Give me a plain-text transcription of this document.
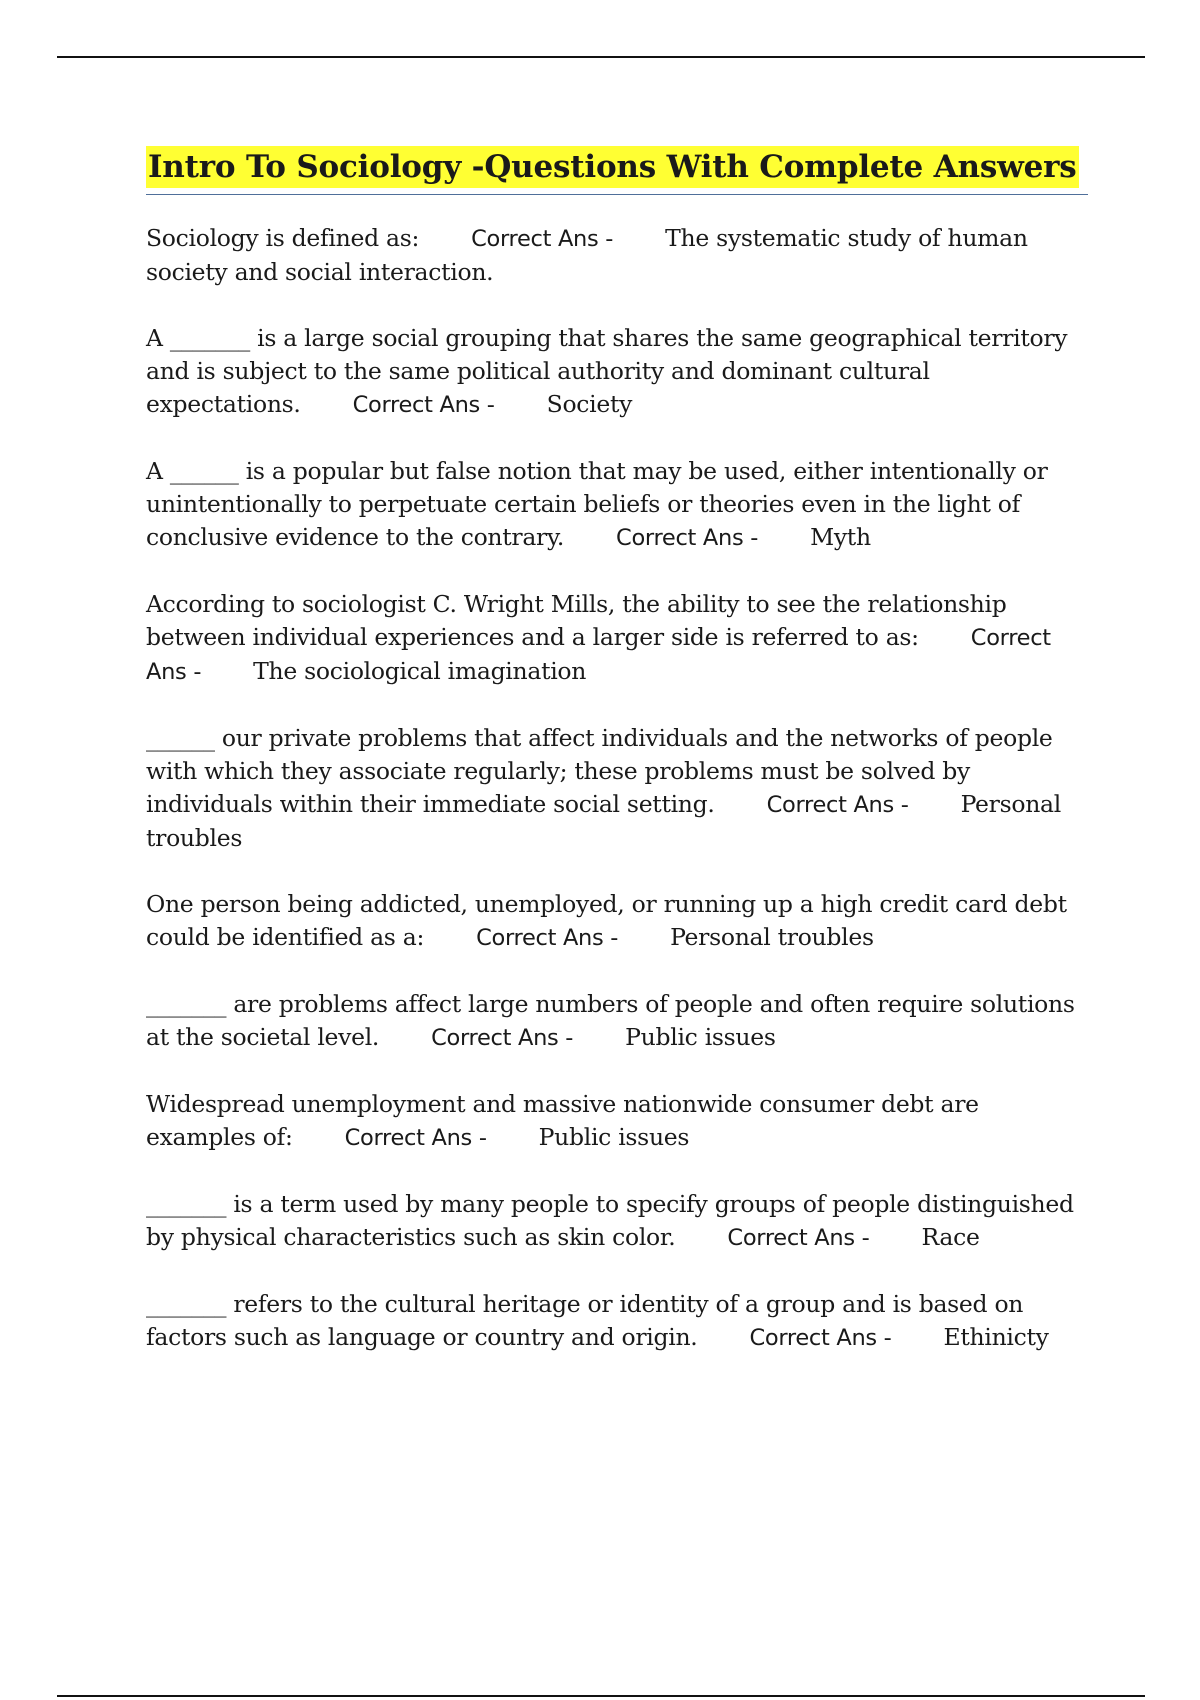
Intro To Sociology -Questions With Complete Answers

Sociology is defined as: Correct Ans - The systematic study of human society and social interaction.

A _______ is a large social grouping that shares the same geographical territory and is subject to the same political authority and dominant cultural expectations. Correct Ans - Society

A ______ is a popular but false notion that may be used, either intentionally or unintentionally to perpetuate certain beliefs or theories even in the light of conclusive evidence to the contrary. Correct Ans - Myth

According to sociologist C. Wright Mills, the ability to see the relationship between individual experiences and a larger side is referred to as: Correct Ans - The sociological imagination

______ our private problems that affect individuals and the networks of people with which they associate regularly; these problems must be solved by individuals within their immediate social setting. Correct Ans - Personal troubles

One person being addicted, unemployed, or running up a high credit card debt could be identified as a: Correct Ans - Personal troubles

_______ are problems affect large numbers of people and often require solutions at the societal level. Correct Ans - Public issues

Widespread unemployment and massive nationwide consumer debt are examples of: Correct Ans - Public issues

_______ is a term used by many people to specify groups of people distinguished by physical characteristics such as skin color. Correct Ans - Race

_______ refers to the cultural heritage or identity of a group and is based on factors such as language or country and origin. Correct Ans - Ethinicty
